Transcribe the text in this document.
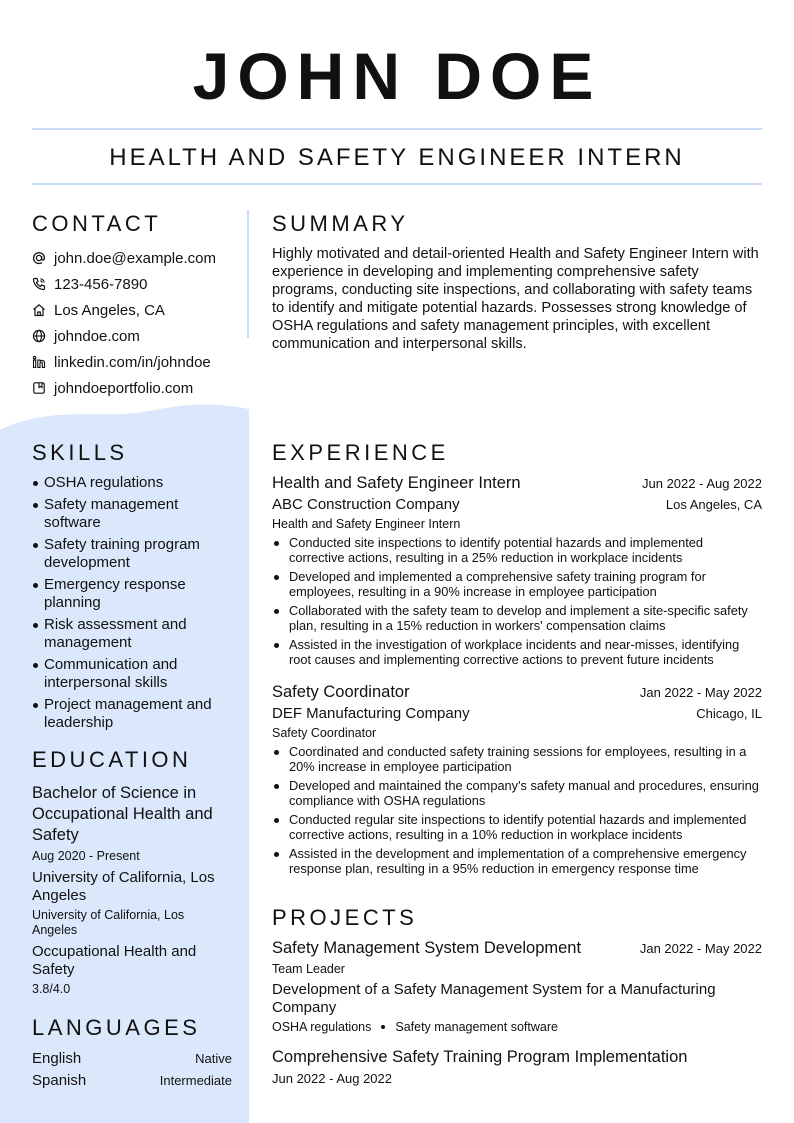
JOHN DOE
HEALTH AND SAFETY ENGINEER INTERN
CONTACT
john.doe@example.com
123-456-7890
Los Angeles, CA
johndoe.com
linkedin.com/in/johndoe
johndoeportfolio.com
SKILLS
OSHA regulations
Safety management software
Safety training program development
Emergency response planning
Risk assessment and management
Communication and interpersonal skills
Project management and leadership
EDUCATION
Bachelor of Science in Occupational Health and Safety
Aug 2020 - Present
University of California, Los Angeles
University of California, Los Angeles
Occupational Health and Safety
3.8/4.0
LANGUAGES
English	Native
Spanish	Intermediate
SUMMARY

Highly motivated and detail-oriented Health and Safety Engineer Intern with experience in developing and implementing comprehensive safety programs, conducting site inspections, and collaborating with safety teams to identify and mitigate potential hazards. Possesses strong knowledge of OSHA regulations and safety management principles, with excellent communication and interpersonal skills.

EXPERIENCE
Health and Safety Engineer Intern	Jun 2022 - Aug 2022
ABC Construction Company	Los Angeles, CA
Health and Safety Engineer Intern
Conducted site inspections to identify potential hazards and implemented corrective actions, resulting in a 25% reduction in workplace incidents
Developed and implemented a comprehensive safety training program for employees, resulting in a 90% increase in employee participation
Collaborated with the safety team to develop and implement a site-specific safety plan, resulting in a 15% reduction in workers' compensation claims
Assisted in the investigation of workplace incidents and near-misses, identifying root causes and implementing corrective actions to prevent future incidents
Safety Coordinator	Jan 2022 - May 2022
DEF Manufacturing Company	Chicago, IL
Safety Coordinator
Coordinated and conducted safety training sessions for employees, resulting in a 20% increase in employee participation
Developed and maintained the company's safety manual and procedures, ensuring compliance with OSHA regulations
Conducted regular site inspections to identify potential hazards and implemented corrective actions, resulting in a 10% reduction in workplace incidents
Assisted in the development and implementation of a comprehensive emergency response plan, resulting in a 95% reduction in emergency response time
PROJECTS
Safety Management System Development	Jan 2022 - May 2022
Team Leader
Development of a Safety Management System for a Manufacturing Company
OSHA regulations Safety management software
Comprehensive Safety Training Program Implementation
Jun 2022 - Aug 2022
